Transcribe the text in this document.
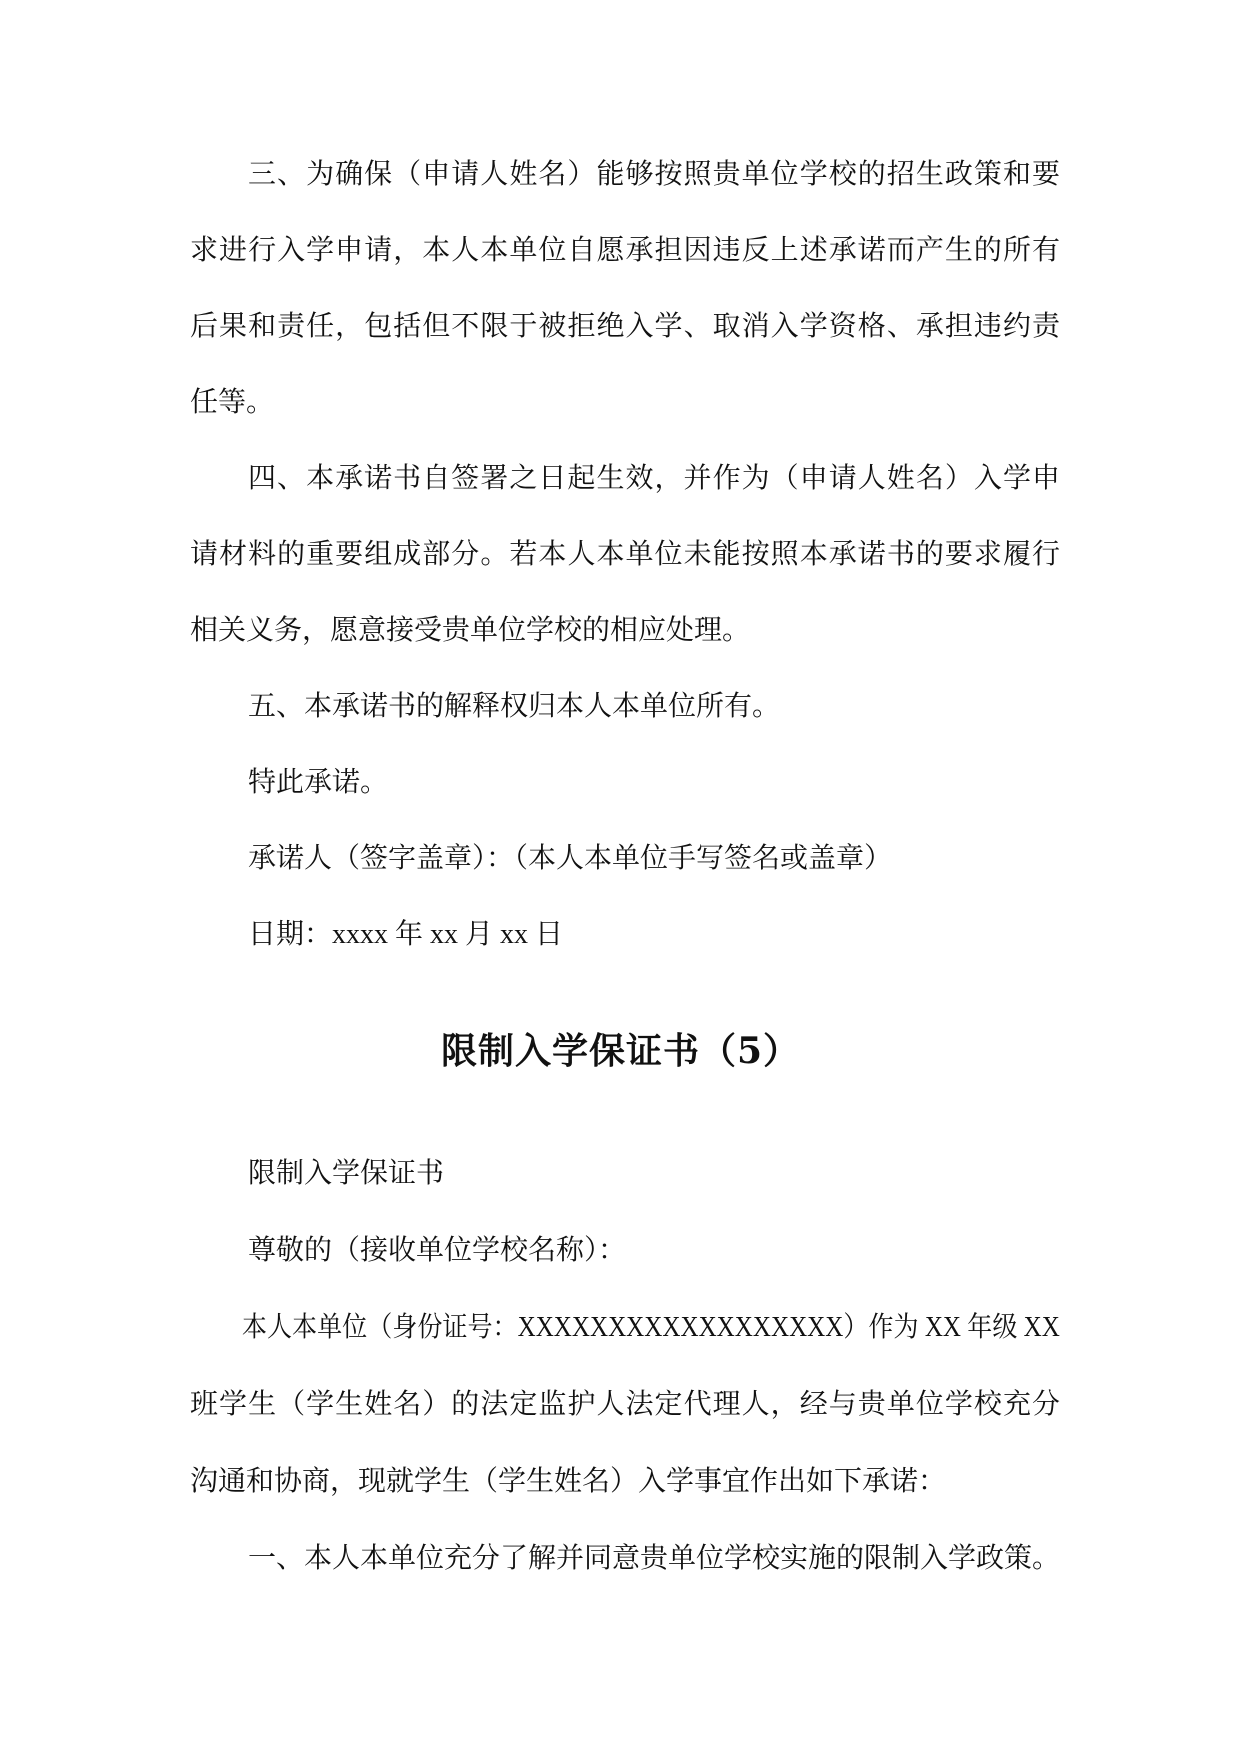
三、为确保（申请人姓名）能够按照贵单位学校的招生政策和要
求进行入学申请，本人本单位自愿承担因违反上述承诺而产生的所有
后果和责任，包括但不限于被拒绝入学、取消入学资格、承担违约责
任等。
四、本承诺书自签署之日起生效，并作为（申请人姓名）入学申
请材料的重要组成部分。若本人本单位未能按照本承诺书的要求履行
相关义务，愿意接受贵单位学校的相应处理。
五、本承诺书的解释权归本人本单位所有。
特此承诺。
承诺人（签字盖章）：（本人本单位手写签名或盖章）
日期：xxxx 年 xx 月 xx 日
限制入学保证书（5）
限制入学保证书
尊敬的（接收单位学校名称）：
本人本单位（身份证号：XXXXXXXXXXXXXXXXXX）作为 XX 年级 XX
班学生（学生姓名）的法定监护人法定代理人，经与贵单位学校充分
沟通和协商，现就学生（学生姓名）入学事宜作出如下承诺：
一、本人本单位充分了解并同意贵单位学校实施的限制入学政策。
